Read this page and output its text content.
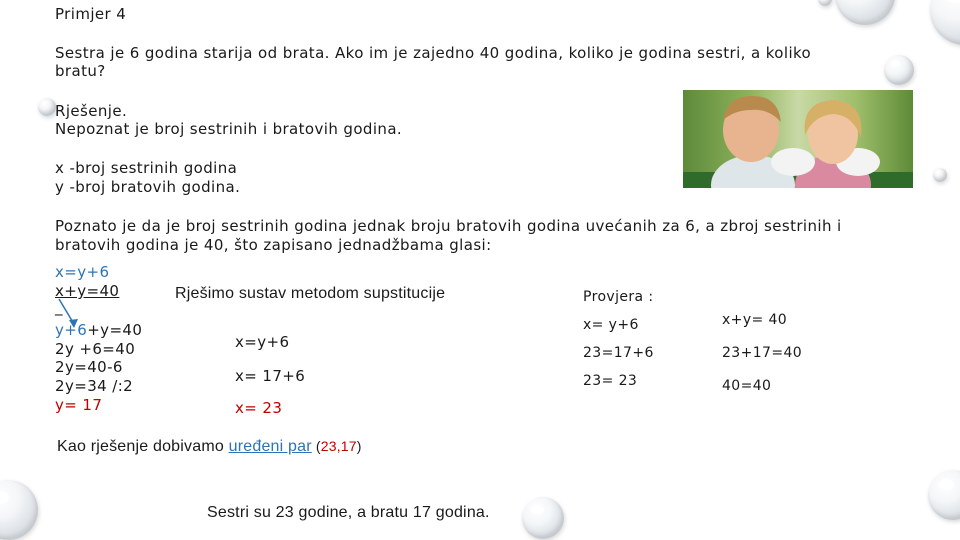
Primjer 4
Sestra je 6 godina starija od brata. Ako im je zajedno 40 godina, koliko je godina sestri, a koliko
bratu?
Rješenje.
Nepoznat je broj sestrinih i bratovih godina.
x -broj sestrinih godina
y -broj bratovih godina.
Poznato je da je broj sestrinih godina jednak broju bratovih godina uvećanih za 6, a zbroj sestrinih i
bratovih godina je 40, što zapisano jednadžbama glasi:
x=y+6
x+y=40
_
Rješimo sustav metodom supstitucije
y+6+y=40
2y +6=40
2y=40-6
2y=34 /:2
y= 17
x=y+6
x= 17+6
x= 23
Provjera :
x= y+6
23=17+6
23= 23
x+y= 40
23+17=40
40=40
Kao rješenje dobivamo uređeni par (23,17)
Sestri su 23 godine, a bratu 17 godina.
